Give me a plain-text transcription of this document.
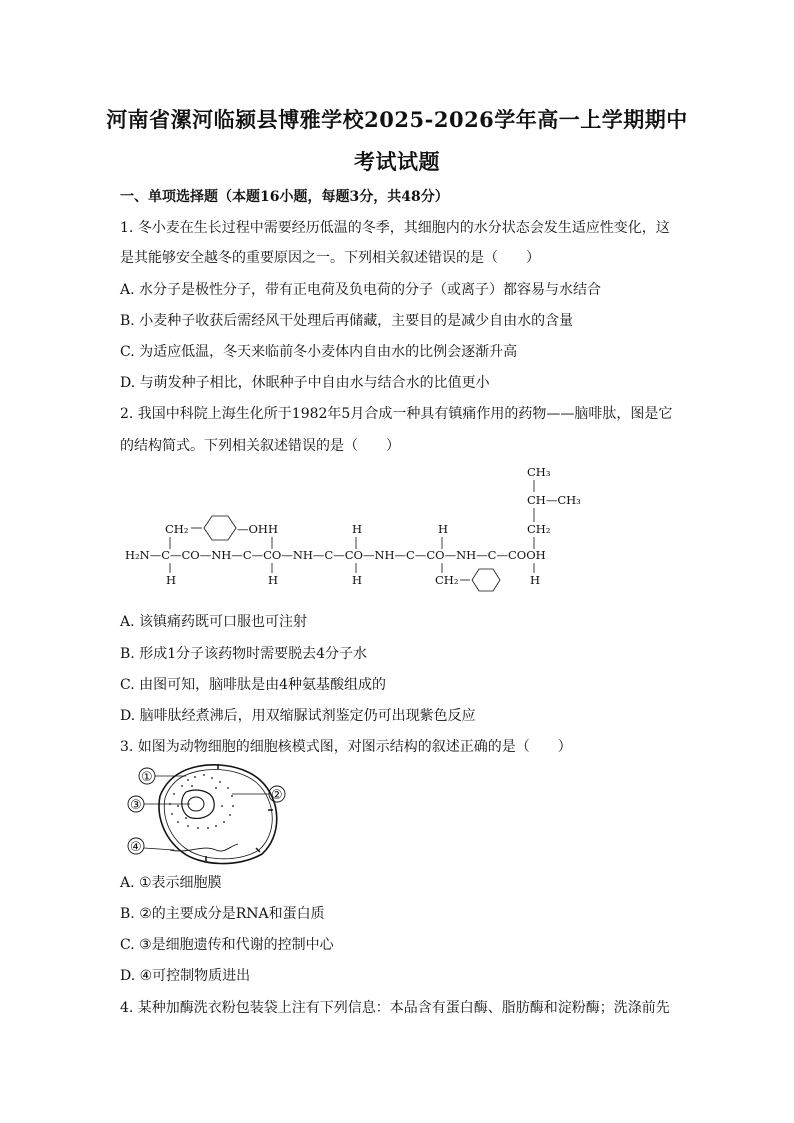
河南省漯河临颍县博雅学校2025-2026学年高一上学期期中
考试试题
一、单项选择题（本题16小题，每题3分，共48分）
1. 冬小麦在生长过程中需要经历低温的冬季，其细胞内的水分状态会发生适应性变化，这
是其能够安全越冬的重要原因之一。下列相关叙述错误的是（　　）
A. 水分子是极性分子，带有正电荷及负电荷的分子（或离子）都容易与水结合
B. 小麦种子收获后需经风干处理后再储藏，主要目的是减少自由水的含量
C. 为适应低温，冬天来临前冬小麦体内自由水的比例会逐渐升高
D. 与萌发种子相比，休眠种子中自由水与结合水的比值更小
2. 我国中科院上海生化所于1982年5月合成一种具有镇痛作用的药物——脑啡肽，图是它
的结构简式。下列相关叙述错误的是（　　）
CH₃
CH—CH₃
CH₂
CH₂	—OH H	H	H
H₂N—C—CO—NH—C—CO—NH—C—CO—NH—C—CO—NH—C—COOH
H	H	H	H
CH₂
A. 该镇痛药既可口服也可注射
B. 形成1分子该药物时需要脱去4分子水
C. 由图可知，脑啡肽是由4种氨基酸组成的
D. 脑啡肽经煮沸后，用双缩脲试剂鉴定仍可出现紫色反应
3. 如图为动物细胞的细胞核模式图，对图示结构的叙述正确的是（　　）
①
②
③
④
A. ①表示细胞膜
B. ②的主要成分是RNA和蛋白质
C. ③是细胞遗传和代谢的控制中心
D. ④可控制物质进出
4. 某种加酶洗衣粉包装袋上注有下列信息：本品含有蛋白酶、脂肪酶和淀粉酶；洗涤前先
